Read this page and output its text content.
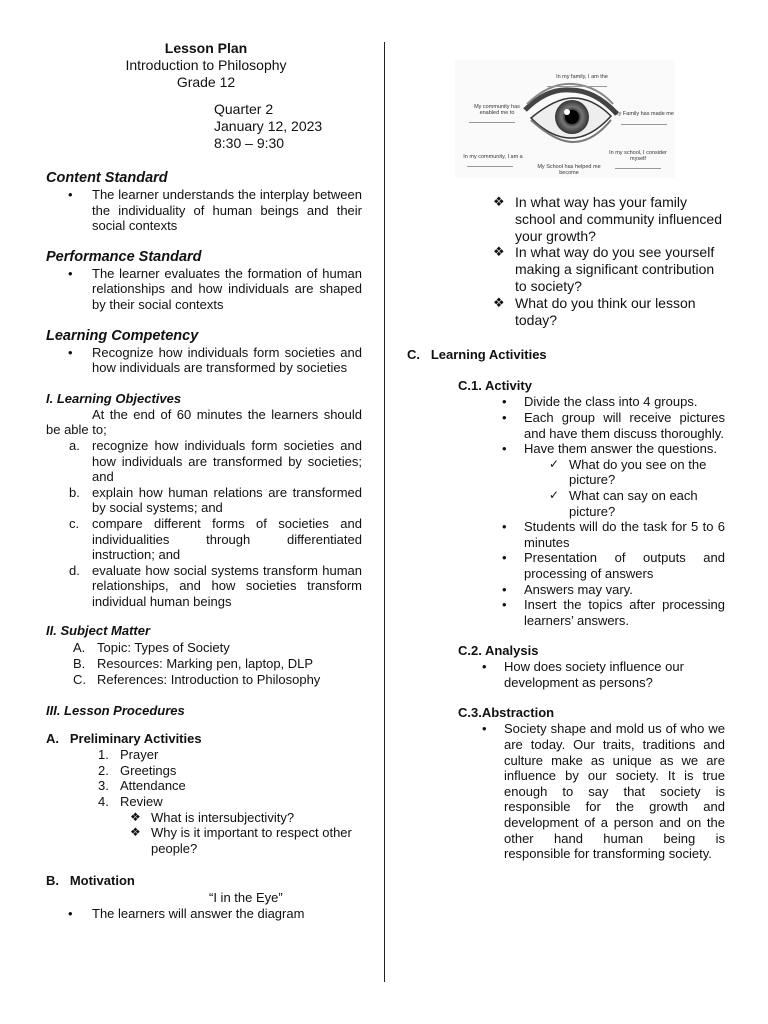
Lesson Plan
Introduction to Philosophy
Grade 12
Quarter 2
January 12, 2023
8:30 – 9:30
Content Standard
• The learner understands the interplay between the individuality of human beings and their social contexts
Performance Standard
• The learner evaluates the formation of human relationships and how individuals are shaped by their social contexts
Learning Competency
• Recognize how individuals form societies and how individuals are transformed by societies
I. Learning Objectives
At the end of 60 minutes the learners should be able to;
a. recognize how individuals form societies and how individuals are transformed by societies; and
b. explain how human relations are transformed by social systems; and
c. compare different forms of societies and individualities through differentiated instruction; and
d. evaluate how social systems transform human relationships, and how societies transform individual human beings
II. Subject Matter
A. Topic: Types of Society
B. Resources: Marking pen, laptop, DLP
C. References: Introduction to Philosophy
III. Lesson Procedures
A.   Preliminary Activities
1. Prayer
2. Greetings
3. Attendance
4. Review
❖ What is intersubjectivity?
❖ Why is it important to respect other people?
B.   Motivation
“I in the Eye”
• The learners will answer the diagram
In my family, I am the
My community has enabled me to	My Family has made me
In my community, I am a
In my school, I consider myself
My School has helped me become
❖ In what way has your family school and community influenced your growth?
❖ In what way do you see yourself making a significant contribution to society?
❖ What do you think our lesson today?
C.   Learning Activities
C.1. Activity
• Divide the class into 4 groups.
• Each group will receive pictures and have them discuss thoroughly.
• Have them answer the questions.
✓ What do you see on the picture?
✓ What can say on each picture?
• Students will do the task for 5 to 6 minutes
• Presentation of outputs and processing of answers
• Answers may vary.
• Insert the topics after processing learners’ answers.
C.2. Analysis
• How does society influence our development as persons?
C.3.Abstraction
• Society shape and mold us of who we are today. Our traits, traditions and culture make as unique as we are influence by our society. It is true enough to say that society is responsible for the growth and development of a person and on the other hand human being is responsible for transforming society.
